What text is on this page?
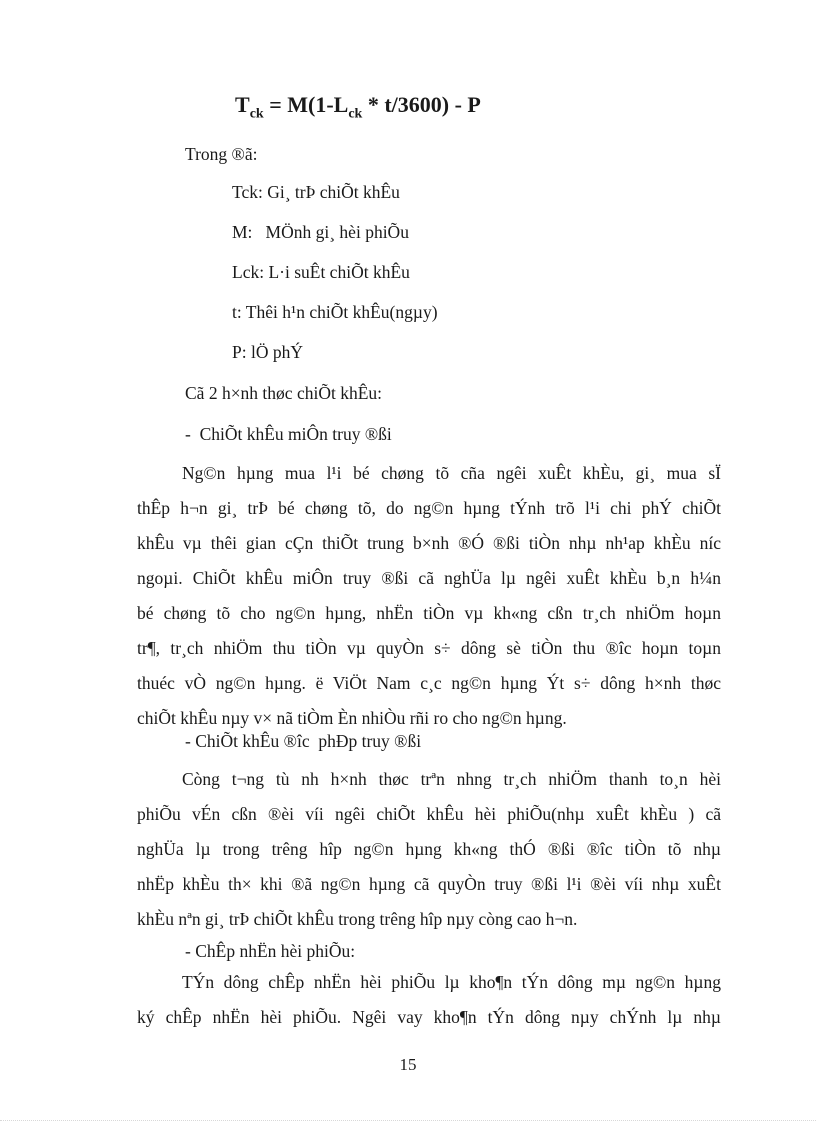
$T_{ck} = M(1-L_{ck} * t/3600) - P$
Trong ®ã:
Tck: Gi¸ trÞ chiÕt khÊu
M:   MÖnh gi¸ hèi phiÕu
Lck: L·i suÊt chiÕt khÊu
t: Thêi h¹n chiÕt khÊu(ngµy)
P: lÖ phÝ
Cã 2 h×nh thøc chiÕt khÊu:
-  ChiÕt khÊu miÔn truy ®ßi
Ng©n hµng mua l¹i bé chøng tõ cña ngêi xuÊt khÈu, gi¸ mua sÏ
thÊp h¬n gi¸ trÞ bé chøng tõ, do ng©n hµng tÝnh trõ l¹i chi phÝ chiÕt
khÊu vµ thêi gian cÇn thiÕt trung b×nh ®Ó ®ßi tiÒn nhµ nh¹ap khÈu níc
ngoµi. ChiÕt khÊu miÔn truy ®ßi cã nghÜa lµ ngêi xuÊt khÈu b¸n h¼n
bé chøng tõ cho ng©n hµng, nhËn tiÒn vµ kh«ng cßn tr¸ch nhiÖm hoµn
tr¶, tr¸ch nhiÖm thu tiÒn vµ quyÒn s÷ dông sè tiÒn thu ®îc hoµn toµn
thuéc vÒ ng©n hµng. ë ViÖt Nam c¸c ng©n hµng Ýt s÷ dông h×nh thøc
chiÕt khÊu nµy v× nã tiÒm Èn nhiÒu rñi ro cho ng©n hµng.
- ChiÕt khÊu ®îc  phÐp truy ®ßi
Còng t¬ng tù nh h×nh thøc trªn nhng tr¸ch nhiÖm thanh to¸n hèi
phiÕu vÉn cßn ®èi víi ngêi chiÕt khÊu hèi phiÕu(nhµ xuÊt khÈu ) cã
nghÜa lµ trong trêng hîp ng©n hµng kh«ng thÓ ®ßi ®îc tiÒn tõ nhµ
nhËp khÈu th× khi ®ã ng©n hµng cã quyÒn truy ®ßi l¹i ®èi víi nhµ xuÊt
khÈu nªn gi¸ trÞ chiÕt khÊu trong trêng hîp nµy còng cao h¬n.
- ChÊp nhËn hèi phiÕu:
TÝn dông chÊp nhËn hèi phiÕu lµ kho¶n tÝn dông mµ ng©n hµng
ký chÊp nhËn hèi phiÕu. Ngêi vay kho¶n tÝn dông nµy chÝnh lµ nhµ
15
